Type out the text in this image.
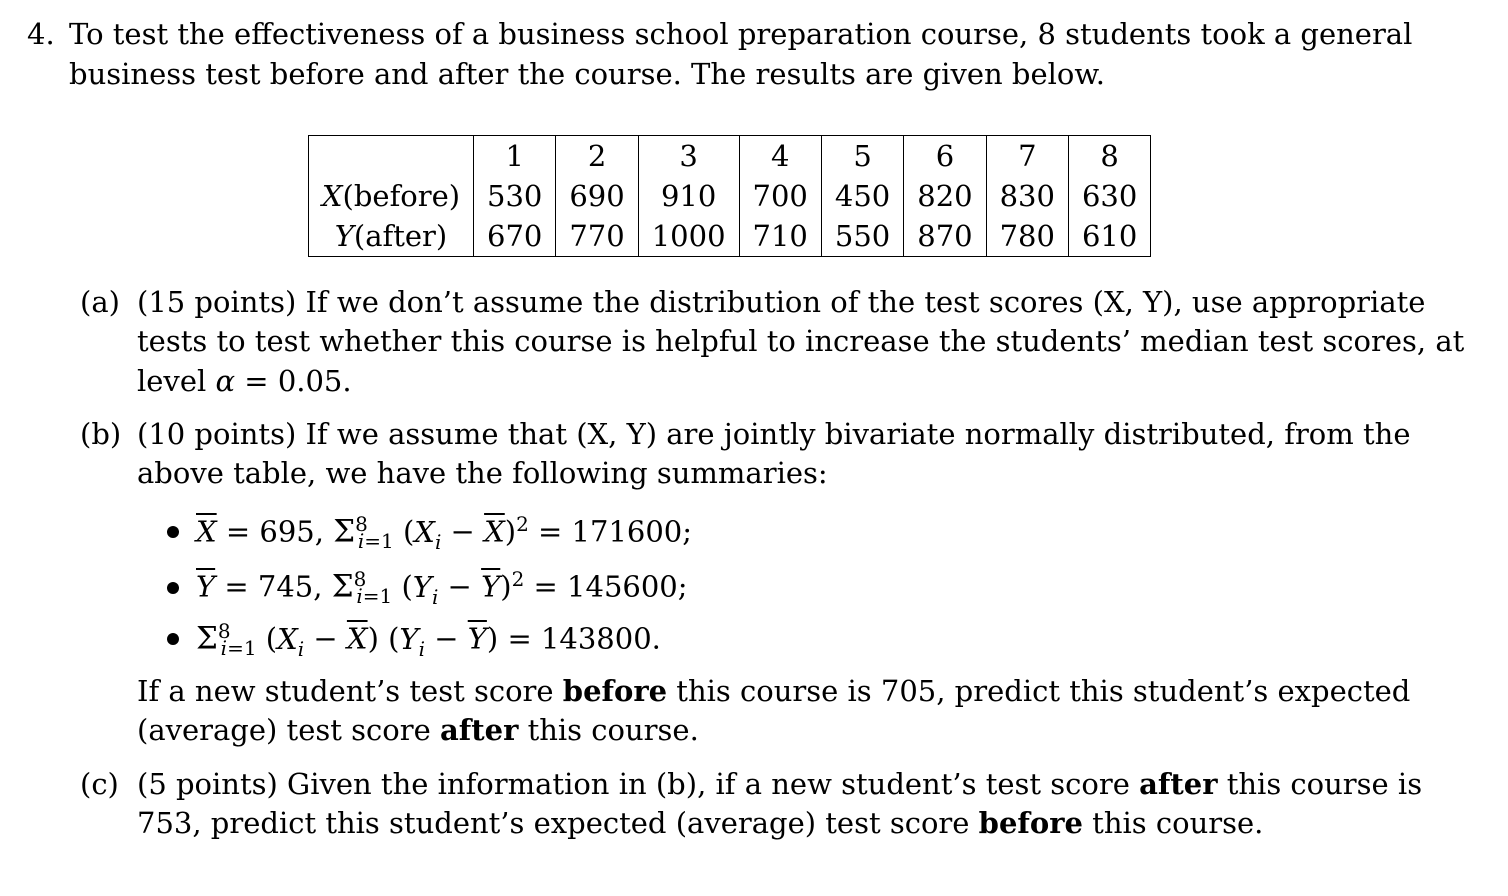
4. To test the effectiveness of a business school preparation course, 8 students took a general
business test before and after the course. The results are given below.
	1	2	3	4	5	6	7	8
X(before)	530	690	910	700	450	820	830	630
Y(after)	670	770	1000	710	550	870	780	610
(a) (15 points) If we don’t assume the distribution of the test scores (X, Y), use appropriate
tests to test whether this course is helpful to increase the students’ median test scores, at
level α = 0.05.
(b) (10 points) If we assume that (X, Y) are jointly bivariate normally distributed, from the
above table, we have the following summaries:
$\overline{X} = 695$, $\Sigma^8_{i=1}$ $(X_i - \overline{X})^2 = 171600$;
$\overline{Y} = 745$, $\Sigma^8_{i=1}$ $(Y_i - \overline{Y})^2 = 145600$;
$\Sigma^8_{i=1}$ $(X_i - \overline{X}) (Y_i - \overline{Y}) = 143800$.
If a new student’s test score before this course is 705, predict this student’s expected
(average) test score after this course.
(c) (5 points) Given the information in (b), if a new student’s test score after this course is
753, predict this student’s expected (average) test score before this course.
